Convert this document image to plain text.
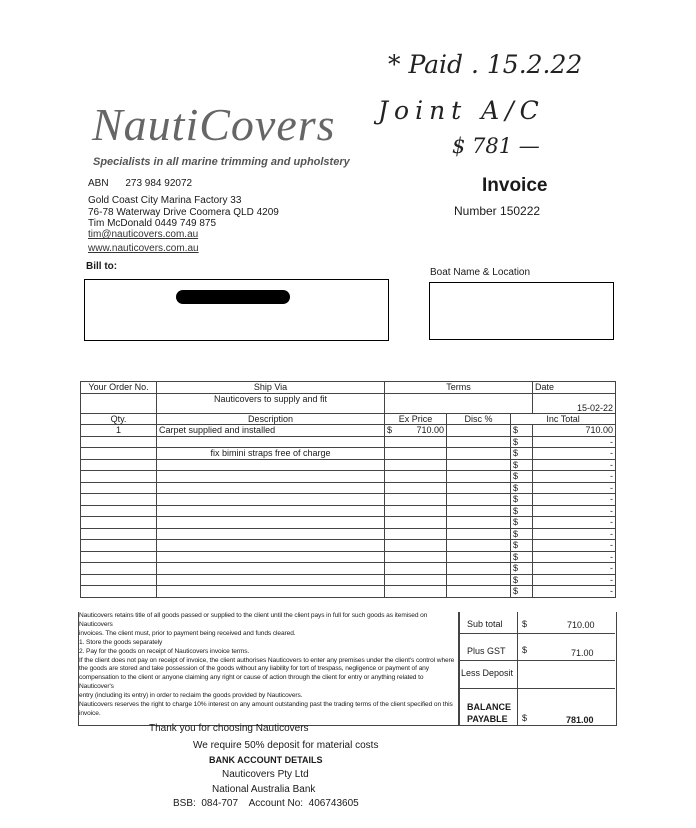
* Paid . 15.2.22
Joint A/C
$ 781 —
NautiCovers
Specialists in all marine trimming and upholstery
ABN 273 984 92072
Gold Coast City Marina Factory 33
76-78 Waterway Drive Coomera QLD 4209
Tim McDonald 0449 749 875
tim@nauticovers.com.au
www.nauticovers.com.au
Invoice
Number 150222
Bill to:
Boat Name & Location
Your Order No.	Ship Via	Terms			Date
	Nauticovers to supply and fit				15-02-22
Qty.	Description	Ex Price	Disc %	Inc Total	
1	Carpet supplied and installed	$ 710.00		$	710.00
				$	-
	fix bimini straps free of charge			$	-
				$	-
				$	-
				$	-
				$	-
				$	-
				$	-
				$	-
				$	-
				$	-
				$	-
				$	-
				$	-
Nauticovers retains title of all goods passed or supplied to the client until the client pays in full for such goods as itemised on Nauticovers
invoices. The client must, prior to payment being received and funds cleared.
1. Store the goods separately
2. Pay for the goods on receipt of Nauticovers invoice terms.
If the client does not pay on receipt of invoice, the client authorises Nauticovers to enter any premises under the client's control where
the goods are stored and take possession of the goods without any liability for tort of trespass, negligence or payment of any
compensation to the client or anyone claiming any right or cause of action through the client for entry or anything related to Nauticover's
entry (including its entry) in order to reclaim the goods provided by Nauticovers.
Nauticovers reserves the right to charge 10% interest on any amount outstanding past the trading terms of the client specified on this
invoice.
Sub total $	710.00
Plus GST $	71.00
Less Deposit
BALANCE
PAYABLE $	781.00
Thank you for choosing Nauticovers
We require 50% deposit for material costs
BANK ACCOUNT DETAILS
Nauticovers Pty Ltd
National Australia Bank
BSB:  084-707    Account No:  406743605
